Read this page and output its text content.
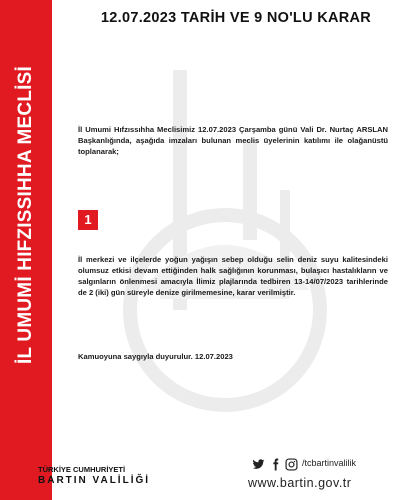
İL UMUMİ HIFZISSIHHA MECLİSİ
12.07.2023 TARİH VE 9 NO'LU KARAR
İl Umumi Hıfzıssıhha Meclisimiz 12.07.2023 Çarşamba günü Vali Dr. Nurtaç ARSLAN Başkanlığında, aşağıda imzaları bulunan meclis üyelerinin katılımı ile olağanüstü toplanarak;
1
İl merkezi ve ilçelerde yoğun yağışın sebep olduğu selin deniz suyu kalitesindeki olumsuz etkisi devam ettiğinden halk sağlığının korunması, bulaşıcı hastalıkların ve salgınların önlenmesi amacıyla İlimiz plajlarında tedbiren 13-14/07/2023 tarihlerinde de 2 (iki) gün süreyle denize girilmemesine, karar verilmiştir.
Kamuoyuna saygıyla duyurulur. 12.07.2023
TÜRKİYE CUMHURİYETİ
BARTIN VALİLİĞİ
/tcbartinvalilik
www.bartin.gov.tr
